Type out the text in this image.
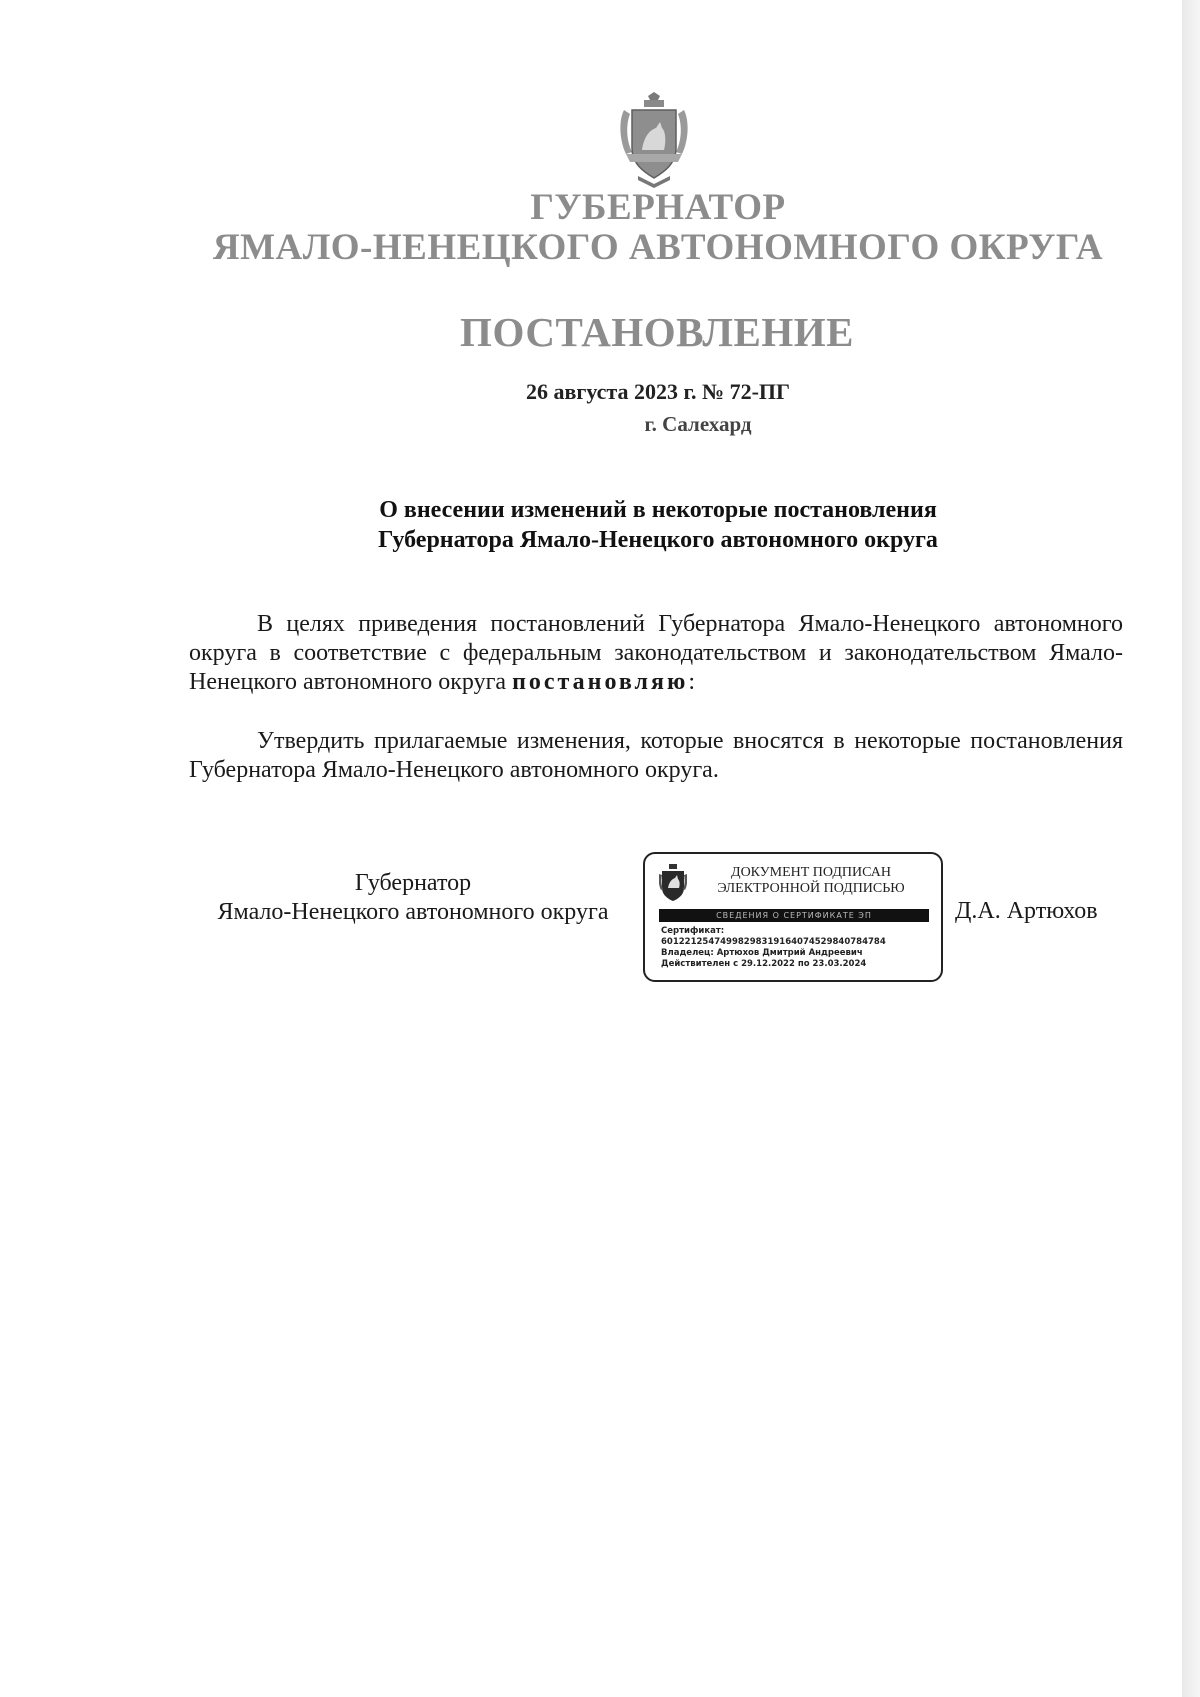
ГУБЕРНАТОР
ЯМАЛО-НЕНЕЦКОГО АВТОНОМНОГО ОКРУГА
ПОСТАНОВЛЕНИЕ
26 августа 2023 г. № 72-ПГ
г. Салехард
О внесении изменений в некоторые постановления
Губернатора Ямало-Ненецкого автономного округа
В целях приведения постановлений Губернатора Ямало-Ненецкого автономного округа в соответствие с федеральным законодательством и законодательством Ямало-Ненецкого автономного округа постановляю:
Утвердить прилагаемые изменения, которые вносятся в некоторые постановления Губернатора Ямало-Ненецкого автономного округа.
Губернатор
Ямало-Ненецкого автономного округа
ДОКУМЕНТ ПОДПИСАН
ЭЛЕКТРОННОЙ ПОДПИСЬЮ
СВЕДЕНИЯ О СЕРТИФИКАТЕ ЭП
Сертификат:
60122125474998298319164074529840784784
Владелец: Артюхов Дмитрий Андреевич
Действителен с 29.12.2022 по 23.03.2024
Д.А. Артюхов
